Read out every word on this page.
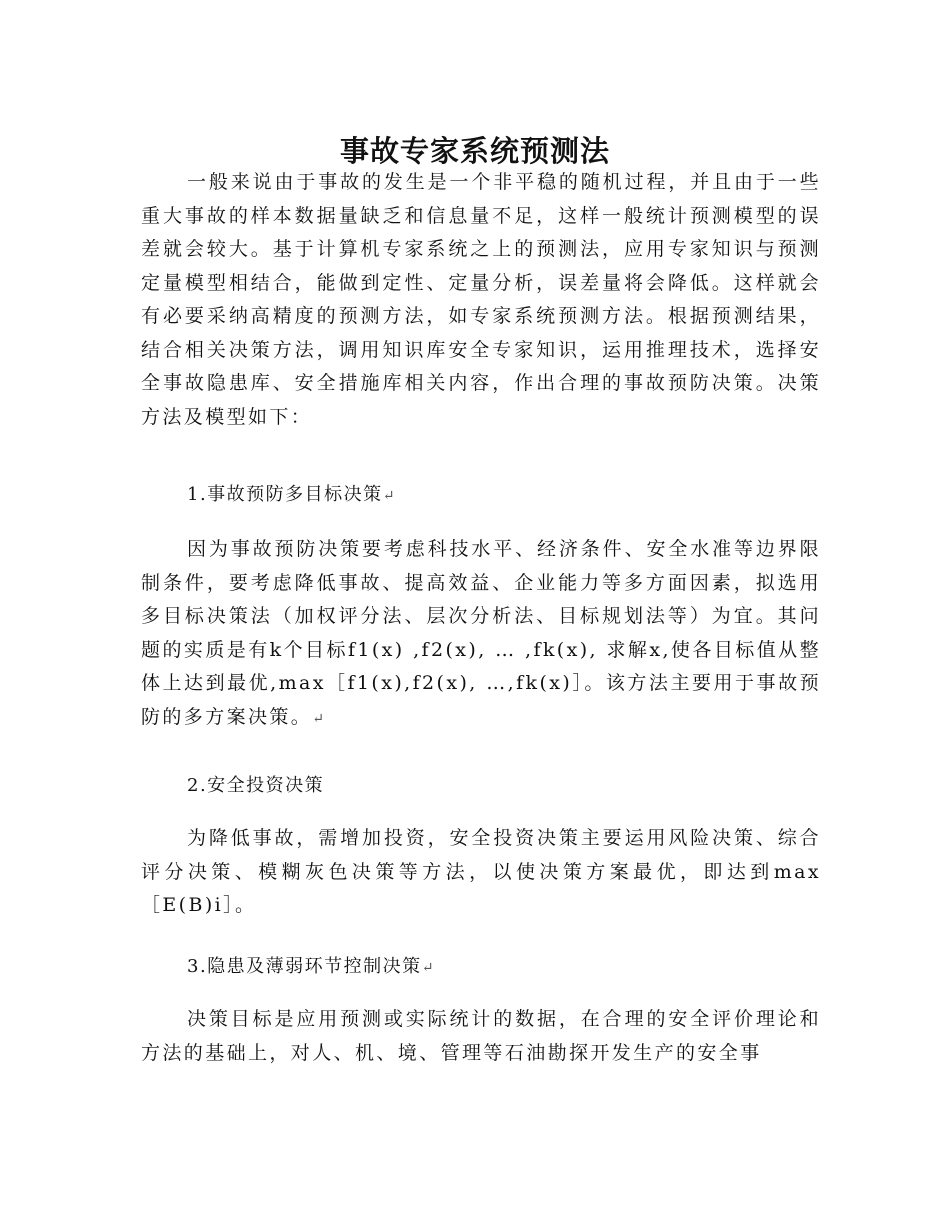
事故专家系统预测法

一般来说由于事故的发生是一个非平稳的随机过程，并且由于一些重大事故的样本数据量缺乏和信息量不足，这样一般统计预测模型的误差就会较大。基于计算机专家系统之上的预测法，应用专家知识与预测定量模型相结合，能做到定性、定量分析，误差量将会降低。这样就会有必要采纳高精度的预测方法，如专家系统预测方法。根据预测结果，结合相关决策方法，调用知识库安全专家知识，运用推理技术，选择安全事故隐患库、安全措施库相关内容，作出合理的事故预防决策。决策方法及模型如下：

1.事故预防多目标决策↵

因为事故预防决策要考虑科技水平、经济条件、安全水准等边界限制条件，要考虑降低事故、提高效益、企业能力等多方面因素，拟选用多目标决策法（加权评分法、层次分析法、目标规划法等）为宜。其问题的实质是有k个目标f1(x) ,f2(x), … ,fk(x), 求解x,使各目标值从整体上达到最优,max［f1(x),f2(x), …,fk(x)］。该方法主要用于事故预防的多方案决策。↵

2.安全投资决策

为降低事故，需增加投资，安全投资决策主要运用风险决策、综合评分决策、模糊灰色决策等方法，以使决策方案最优，即达到max［E(B)i］。

3.隐患及薄弱环节控制决策↵

决策目标是应用预测或实际统计的数据，在合理的安全评价理论和方法的基础上，对人、机、境、管理等石油勘探开发生产的安全事
